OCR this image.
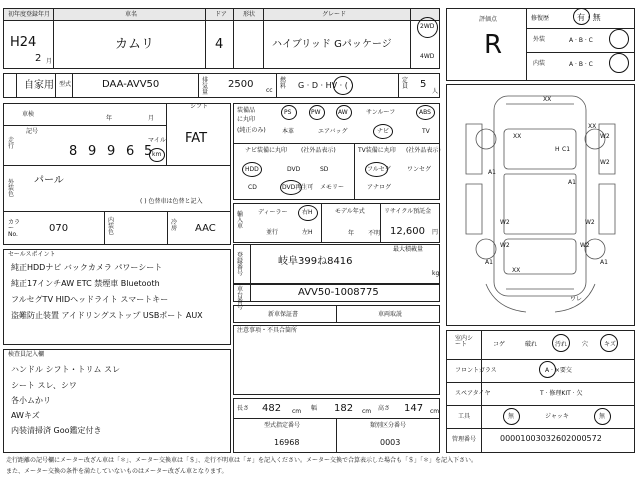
初年度登録年月	車名	ドア	形状	グレード
H24
2 月
カムリ	4	ハイブリッド Gパッケージ
2WD
4WD
自家用 型式	DAA-AVV50	排気量
2500
cc
燃料	G · D · HV · ( )
定員	5
人
車検
年	月
シフト
FAT
走行
記号
8 9 9 6 5
マイル
km
外装色
パール
( ) 色替車は色替と記入
カラーNo.
070
内装色
冷房 AAC
装備品
に丸印
(純正のみ)
PS	PW	AW	サンルーフ	ABS
本革	エアバッグ	ナビ	TV
ナビ装備に丸印 (社外品表示)
HDD	DVD	SD
CD	DVD再生可 メモリー
TV装備に丸印 (社外品表示)
フルセグ	ワンセグ
アナログ
輸入車
ディーラー 右H
並行	左H
モデル年式
年 不明
リサイクル預託金
12,600 円
セールスポイント
純正HDDナビ バックカメラ パワーシート
純正17インチAW ETC 禁煙車 Bluetooth
フルセグTV HIDヘッドライト スマートキー
盗難防止装置 アイドリングストップ USBポート AUX
最大積載量
登録番号
岐阜399ね8416
kg
車台番号
AVV50-1008775
新車保証書	車両取説
注意事項・不具合箇所
検査員記入欄
ハンドル シフト・トリム スレ
シート スレ、シワ
各小ムかリ
AWキズ
内装清掃済 Goo鑑定付き
長さ 482 cm 幅 182 cm 高さ 147 cm
型式指定番号
16968
類別区分番号
0003
評価点
R
修復歴	有 · 無
外装	A · B · C
内装	A · B · C
XX
XX
XX	W2
A1
W2
H C1
A1
W2	W2
W2
A1
XX
A1
W2
ワレ
室内シート	コゲ	破れ	汚れ 穴	キズ
フロントガラス	A · ×要交
スペアタイヤ	T · 修理KIT · 欠
工具	無	ジャッキ	無
管理番号	00001003032602000572
走行距離の記号欄にメーター改ざん車は「＊」、メーター交換車は「＄」、走行不明車は「＃」を記入ください。メーター交換で合算表示した場合も「＄」「＊」を記入下さい。
また、メーター交換の条件を満たしていないものはメーター改ざん車となります。
